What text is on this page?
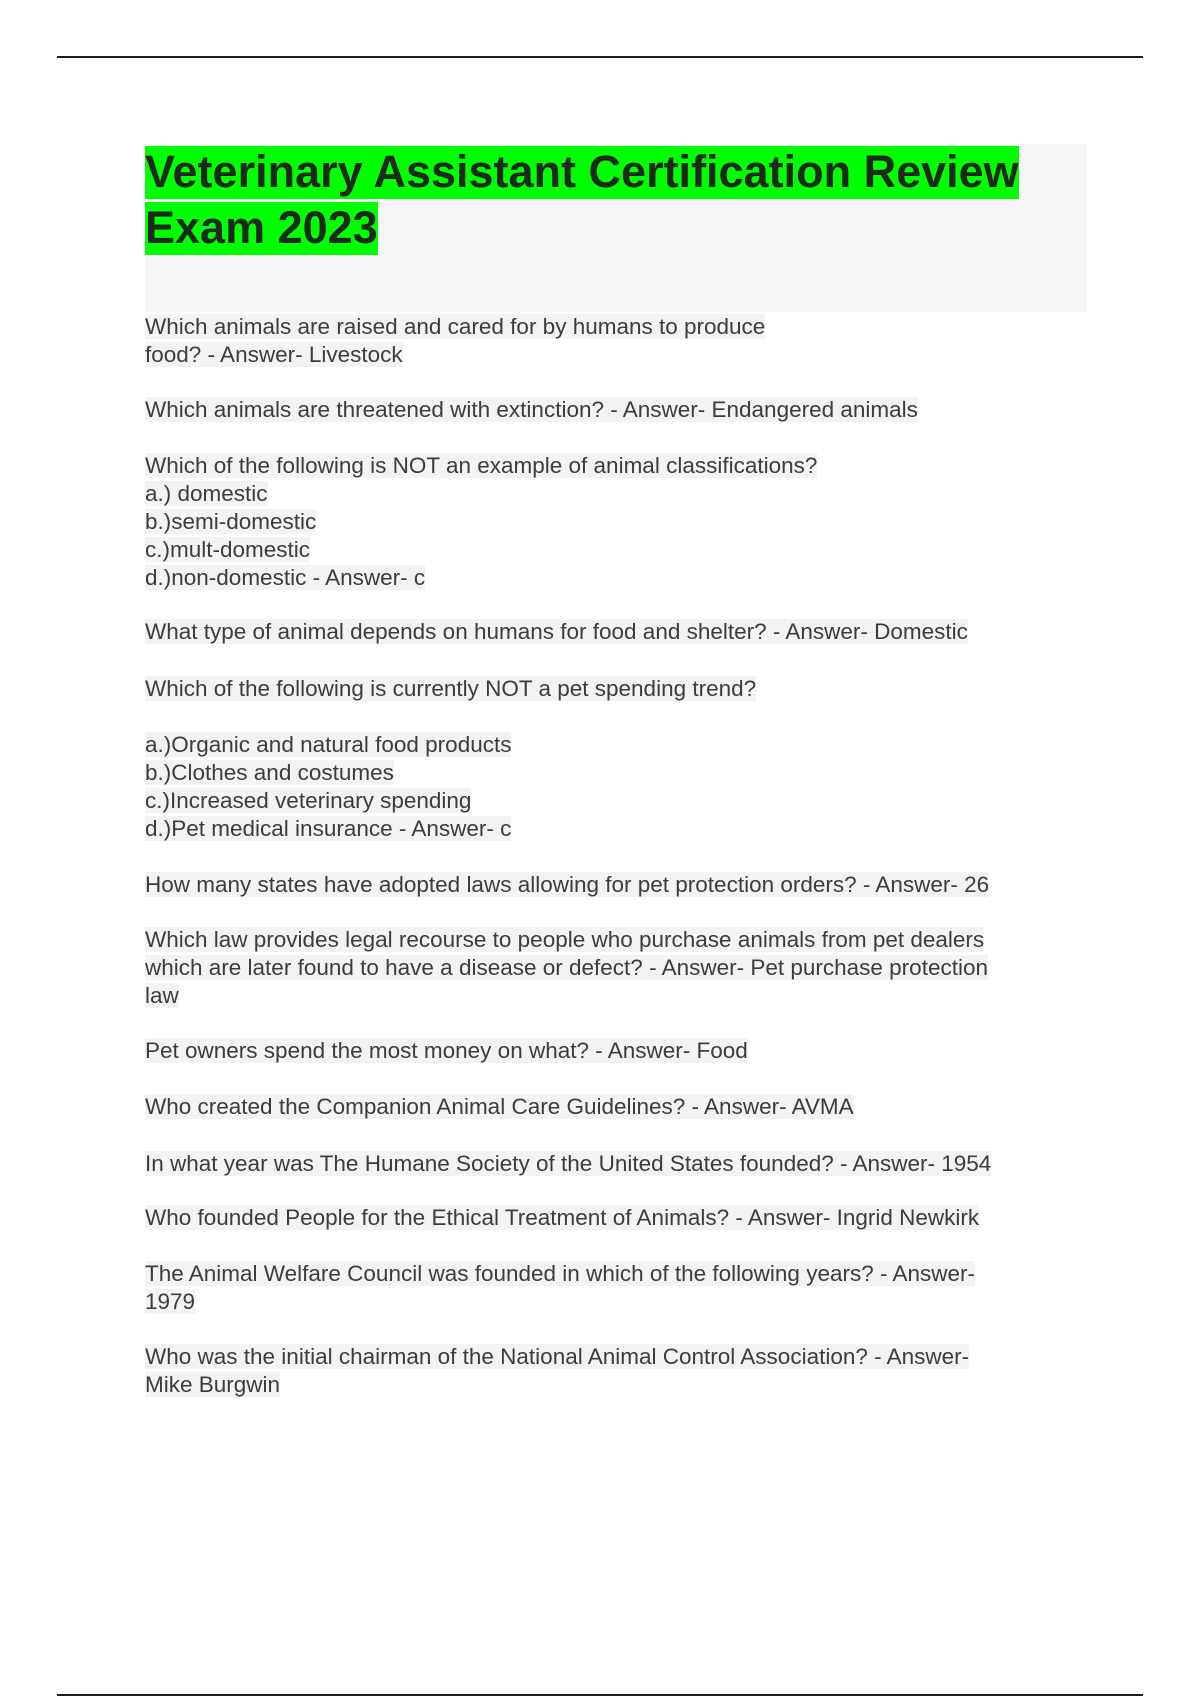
Veterinary Assistant Certification Review Exam 2023

Which animals are raised and cared for by humans to produce
food? - Answer- Livestock

Which animals are threatened with extinction? - Answer- Endangered animals

Which of the following is NOT an example of animal classifications?
a.) domestic
b.)semi-domestic
c.)mult-domestic
d.)non-domestic - Answer- c

What type of animal depends on humans for food and shelter? - Answer- Domestic

Which of the following is currently NOT a pet spending trend?

a.)Organic and natural food products
b.)Clothes and costumes
c.)Increased veterinary spending
d.)Pet medical insurance - Answer- c

How many states have adopted laws allowing for pet protection orders? - Answer- 26

Which law provides legal recourse to people who purchase animals from pet dealers
which are later found to have a disease or defect? - Answer- Pet purchase protection
law

Pet owners spend the most money on what? - Answer- Food

Who created the Companion Animal Care Guidelines? - Answer- AVMA

In what year was The Humane Society of the United States founded? - Answer- 1954

Who founded People for the Ethical Treatment of Animals? - Answer- Ingrid Newkirk

The Animal Welfare Council was founded in which of the following years? - Answer-
1979

Who was the initial chairman of the National Animal Control Association? - Answer-
Mike Burgwin
